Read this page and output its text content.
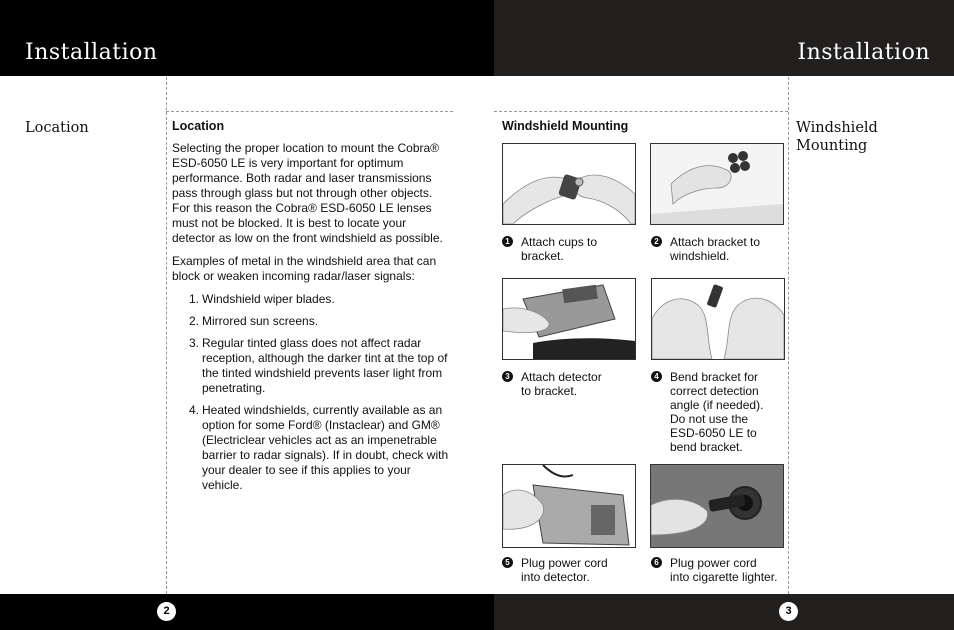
Installation	Installation
2	3
Location	Windshield
Mounting
Location

Selecting the proper location to mount the Cobra® ESD-6050 LE is very important for optimum performance. Both radar and laser transmissions pass through glass but not through other objects. For this reason the Cobra® ESD-6050 LE lenses must not be blocked. It is best to locate your detector as low on the front windshield as possible.

Examples of metal in the windshield area that can block or weaken incoming radar/laser signals:

1. Windshield wiper blades.
2. Mirrored sun screens.
3. Regular tinted glass does not affect radar reception, although the darker tint at the top of the tinted windshield prevents laser light from penetrating.
4. Heated windshields, currently available as an option for some Ford® (Instaclear) and GM® (Electriclear vehicles act as an impenetrable barrier to radar signals). If in doubt, check with your dealer to see if this applies to your vehicle.
Windshield Mounting
1 Attach cups to
bracket.
2 Attach bracket to
windshield.
3 Attach detector
to bracket.
4 Bend bracket for
correct detection
angle (if needed).
Do not use the
ESD-6050 LE to
bend bracket.
5 Plug power cord
into detector.
6 Plug power cord
into cigarette lighter.
